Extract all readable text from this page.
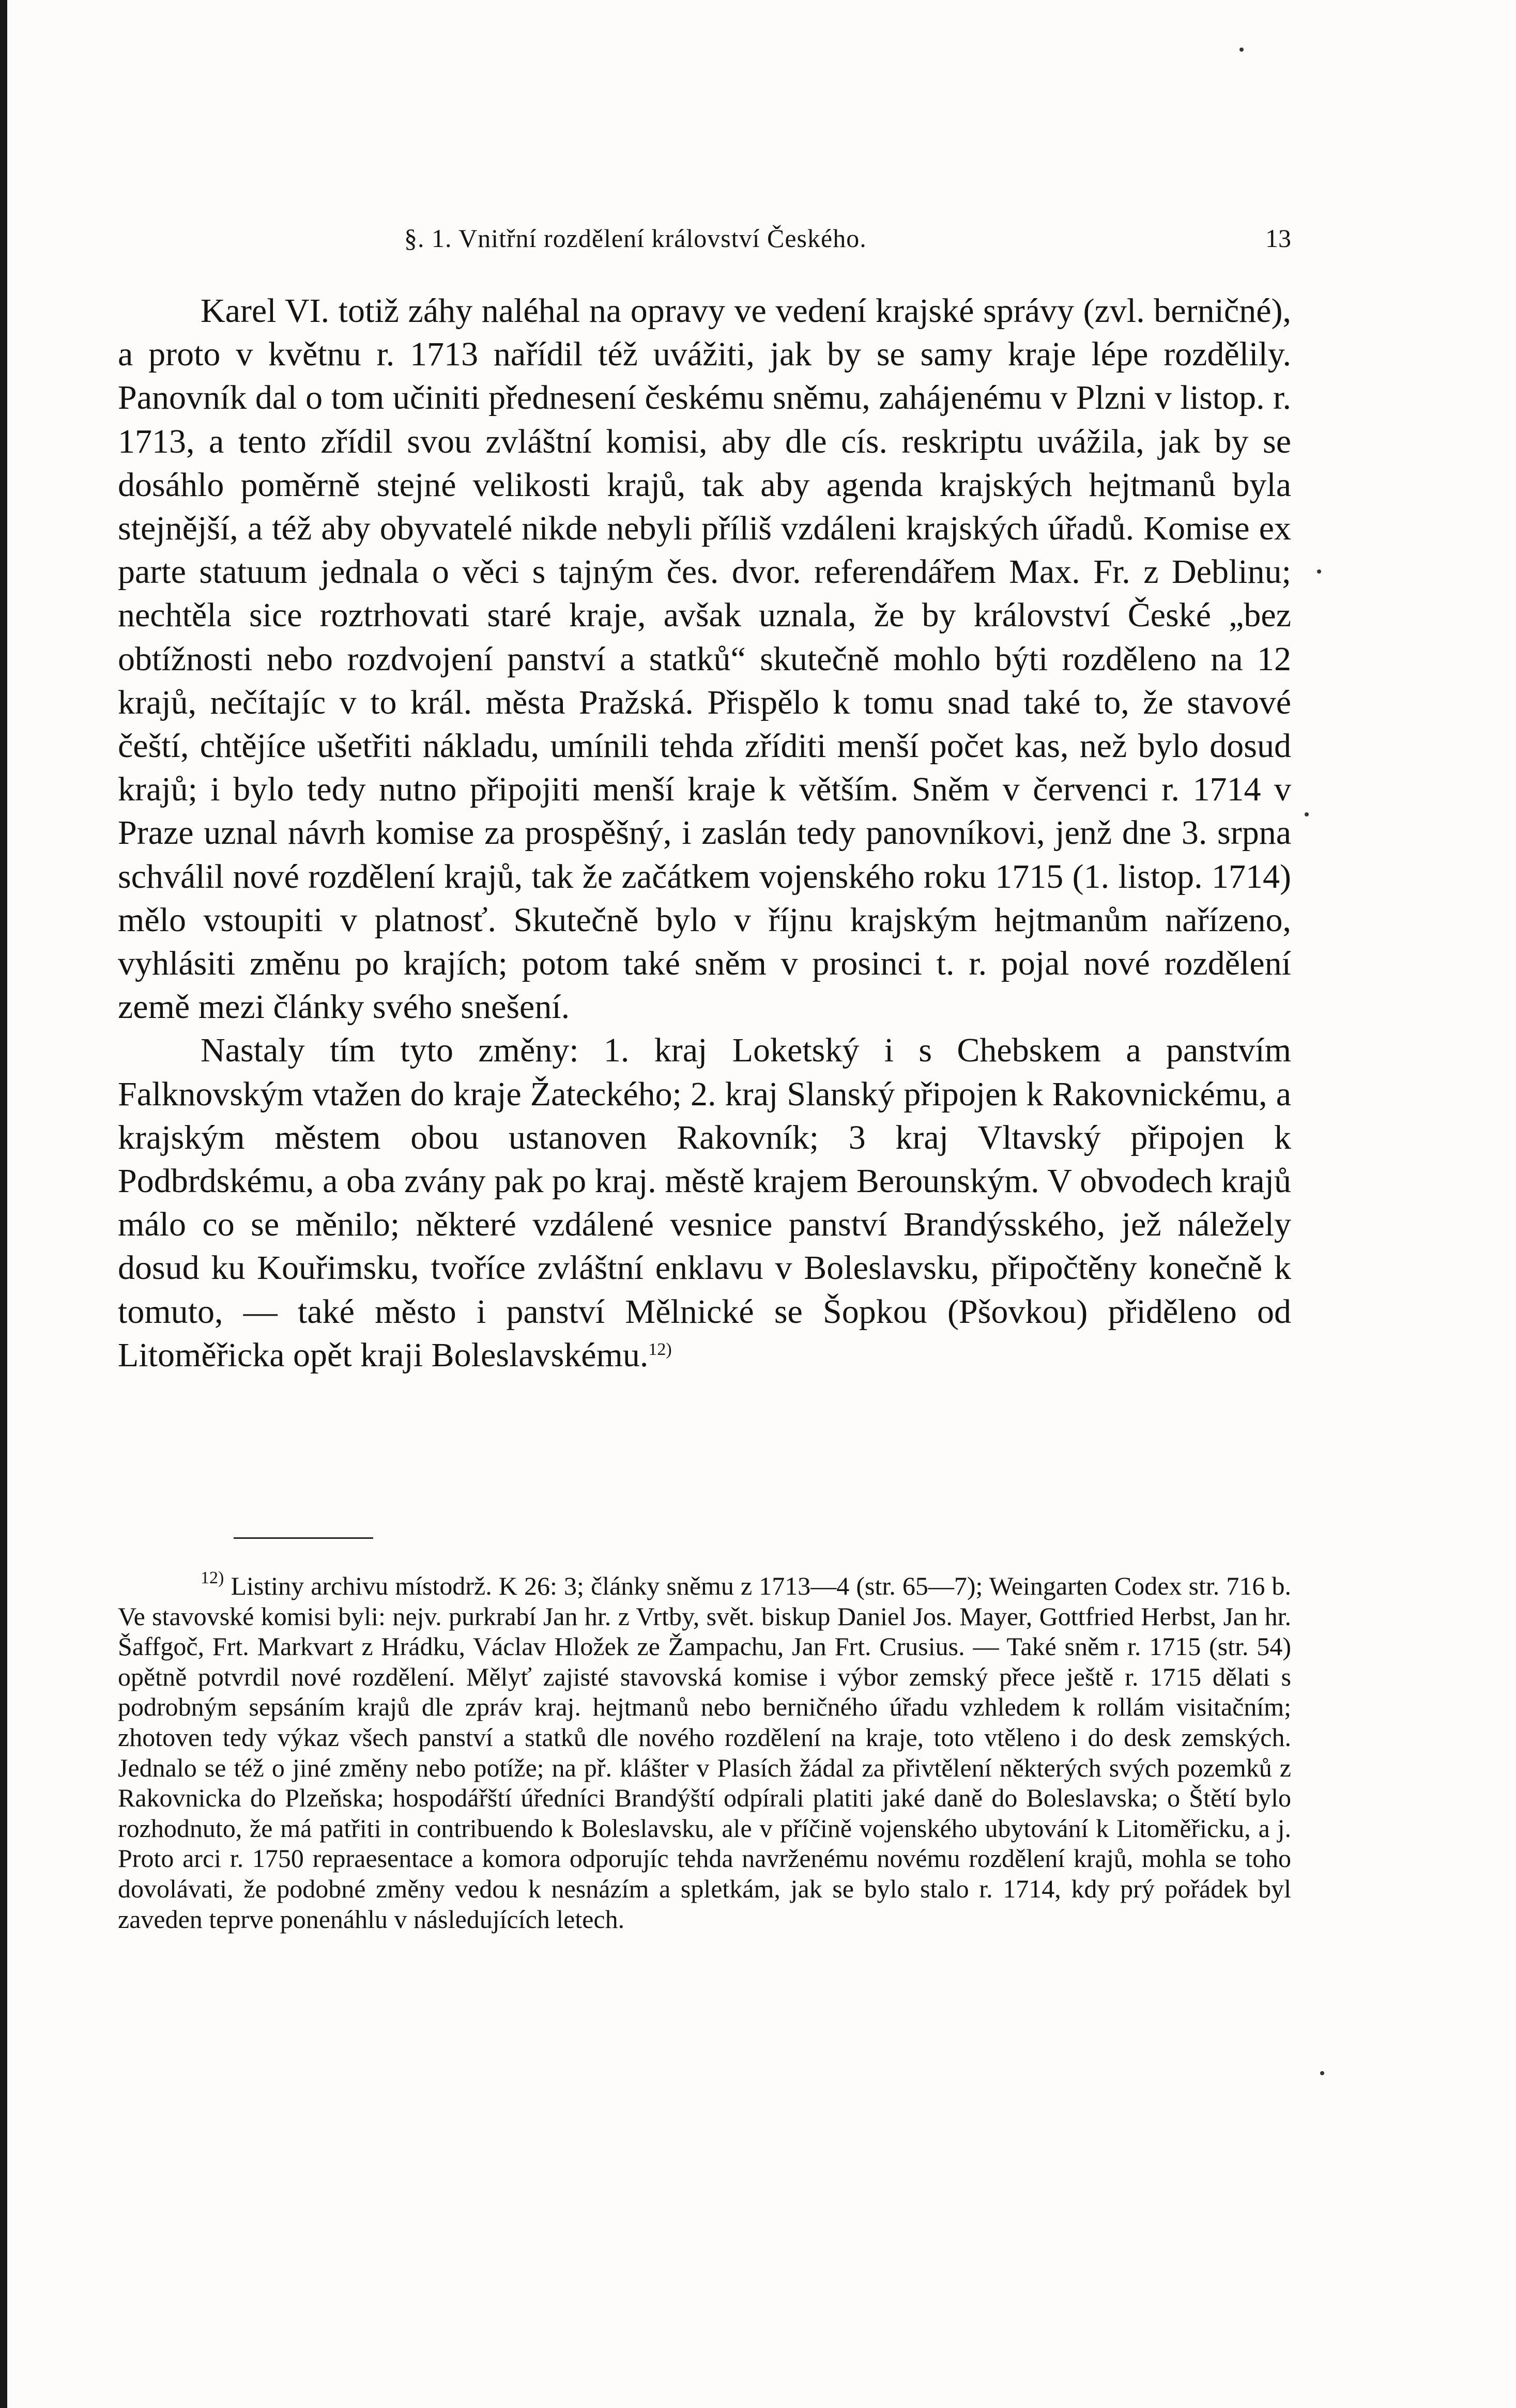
§. 1. Vnitřní rozdělení království Českého.	13

Karel VI. totiž záhy naléhal na opravy ve vedení krajské správy (zvl. berničné), a proto v květnu r. 1713 nařídil též uvážiti, jak by se samy kraje lépe rozdělily. Panovník dal o tom učiniti přednesení českému sněmu, zahájenému v Plzni v listop. r. 1713, a tento zřídil svou zvláštní komisi, aby dle cís. reskriptu uvážila, jak by se dosáhlo poměrně stejné velikosti krajů, tak aby agenda krajských hejtmanů byla stejnější, a též aby obyvatelé nikde nebyli příliš vzdáleni krajských úřadů. Komise ex parte statuum jednala o věci s tajným čes. dvor. referendářem Max. Fr. z Deblinu; nechtěla sice roztrhovati staré kraje, avšak uznala, že by království České „bez obtížnosti nebo rozdvojení panství a statků“ skutečně mohlo býti rozděleno na 12 krajů, nečítajíc v to král. města Pražská. Přispělo k tomu snad také to, že stavové čeští, chtějíce ušetřiti nákladu, umínili tehda zříditi menší počet kas, než bylo dosud krajů; i bylo tedy nutno připojiti menší kraje k větším. Sněm v červenci r. 1714 v Praze uznal návrh komise za prospěšný, i zaslán tedy panovníkovi, jenž dne 3. srpna schválil nové rozdělení krajů, tak že začátkem vojenského roku 1715 (1. listop. 1714) mělo vstoupiti v platnosť. Skutečně bylo v říjnu krajským hejtmanům nařízeno, vyhlásiti změnu po krajích; potom také sněm v prosinci t. r. pojal nové rozdělení země mezi články svého snešení.

Nastaly tím tyto změny: 1. kraj Loketský i s Chebskem a panstvím Falknovským vtažen do kraje Žateckého; 2. kraj Slanský připojen k Rakovnickému, a krajským městem obou ustanoven Rakovník; 3 kraj Vltavský připojen k Podbrdskému, a oba zvány pak po kraj. městě krajem Berounským. V obvodech krajů málo co se měnilo; některé vzdálené vesnice panství Brandýsského, jež náležely dosud ku Kouřimsku, tvoříce zvláštní enklavu v Boleslavsku, připočtěny konečně k tomuto, — také město i panství Mělnické se Šopkou (Pšovkou) přiděleno od Litoměřicka opět kraji Boleslavskému.$^{12)}$

$^{12)}$ Listiny archivu místodrž. K 26: 3; články sněmu z 1713—4 (str. 65—7); Weingarten Codex str. 716 b. Ve stavovské komisi byli: nejv. purkrabí Jan hr. z Vrtby, svět. biskup Daniel Jos. Mayer, Gottfried Herbst, Jan hr. Šaffgoč, Frt. Markvart z Hrádku, Václav Hložek ze Žampachu, Jan Frt. Crusius. — Také sněm r. 1715 (str. 54) opětně potvrdil nové rozdělení. Mělyť zajisté stavovská komise i výbor zemský přece ještě r. 1715 dělati s podrobným sepsáním krajů dle zpráv kraj. hejtmanů nebo berničného úřadu vzhledem k rollám visitačním; zhotoven tedy výkaz všech panství a statků dle nového rozdělení na kraje, toto vtěleno i do desk zemských. Jednalo se též o jiné změny nebo potíže; na př. klášter v Plasích žádal za přivtělení některých svých pozemků z Rakovnicka do Plzeňska; hospodářští úředníci Brandýští odpírali platiti jaké daně do Boleslavska; o Štětí bylo rozhodnuto, že má patřiti in contribuendo k Boleslavsku, ale v příčině vojenského ubytování k Litoměřicku, a j. Proto arci r. 1750 repraesentace a komora odporujíc tehda navrženému novému rozdělení krajů, mohla se toho dovolávati, že podobné změny vedou k nesnázím a spletkám, jak se bylo stalo r. 1714, kdy prý pořádek byl zaveden teprve ponenáhlu v následujících letech.
